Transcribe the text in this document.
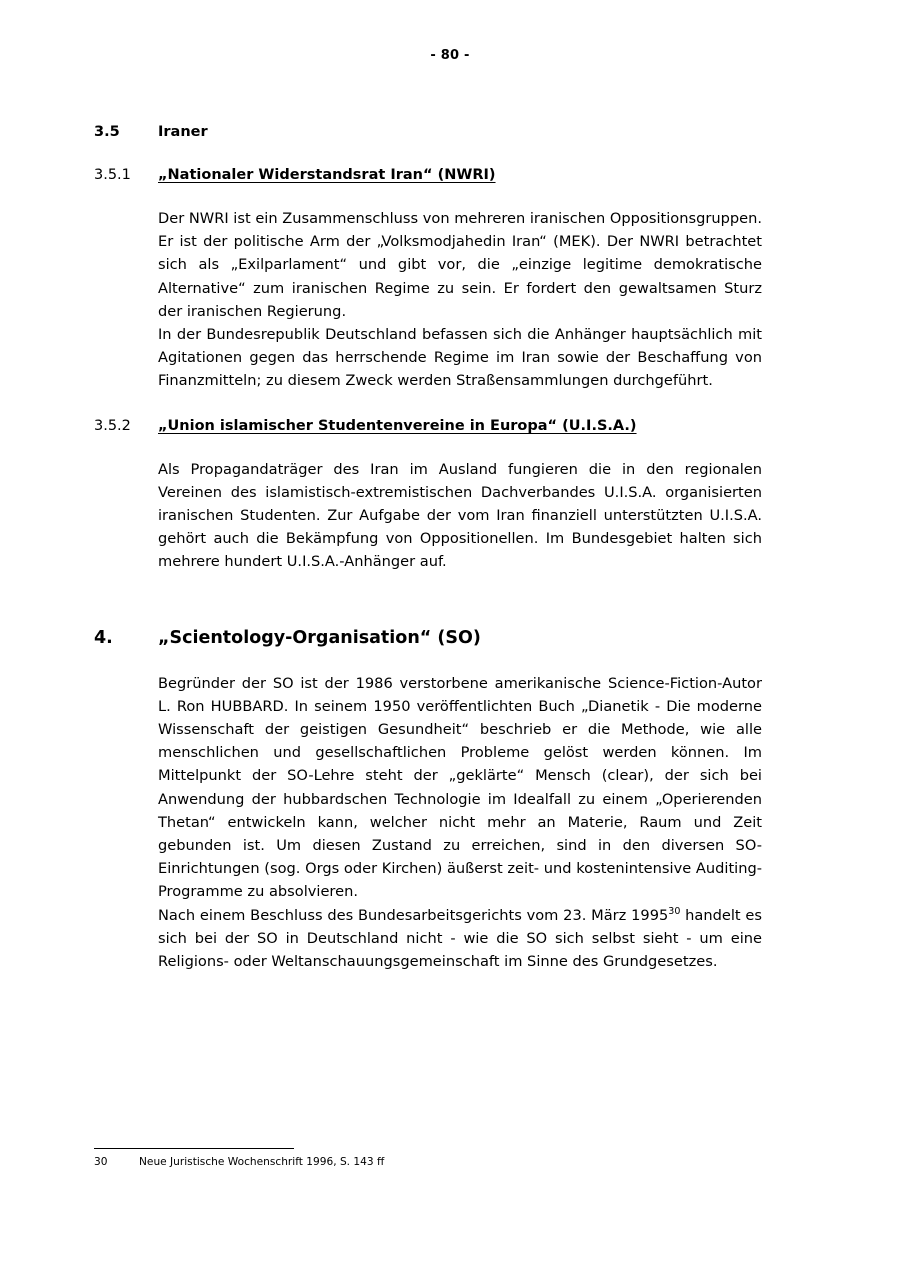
- 80 -
3.5	Iraner
3.5.1	„Nationaler Widerstandsrat Iran“ (NWRI)

Der NWRI ist ein Zusammenschluss von mehreren iranischen Oppositionsgruppen. Er ist der politische Arm der „Volksmodjahedin Iran“ (MEK). Der NWRI betrachtet sich als „Exilparlament“ und gibt vor, die „einzige legitime demokratische Alternative“ zum iranischen Regime zu sein. Er fordert den gewaltsamen Sturz der iranischen Regierung.

In der Bundesrepublik Deutschland befassen sich die Anhänger hauptsächlich mit Agitationen gegen das herrschende Regime im Iran sowie der Beschaffung von Finanzmitteln; zu diesem Zweck werden Straßensammlungen durchgeführt.

3.5.2	„Union islamischer Studentenvereine in Europa“ (U.I.S.A.)

Als Propagandaträger des Iran im Ausland fungieren die in den regionalen Vereinen des islamistisch-extremistischen Dachverbandes U.I.S.A. organisierten iranischen Studenten. Zur Aufgabe der vom Iran finanziell unterstützten U.I.S.A. gehört auch die Bekämpfung von Oppositionellen. Im Bundesgebiet halten sich mehrere hundert U.I.S.A.-Anhänger auf.

4.	„Scientology-Organisation“ (SO)

Begründer der SO ist der 1986 verstorbene amerikanische Science-Fiction-Autor L. Ron HUBBARD. In seinem 1950 veröffentlichten Buch „Dianetik - Die moderne Wissenschaft der geistigen Gesundheit“ beschrieb er die Methode, wie alle menschlichen und gesellschaftlichen Probleme gelöst werden können. Im Mittelpunkt der SO-Lehre steht der „geklärte“ Mensch (clear), der sich bei Anwendung der hubbardschen Technologie im Idealfall zu einem „Operierenden Thetan“ entwickeln kann, welcher nicht mehr an Materie, Raum und Zeit gebunden ist. Um diesen Zustand zu erreichen, sind in den diversen SO-Einrichtungen (sog. Orgs oder Kirchen) äußerst zeit- und kostenintensive Auditing-Programme zu absolvieren.

Nach einem Beschluss des Bundesarbeitsgerichts vom 23. März 1995$^{30}$ handelt es sich bei der SO in Deutschland nicht - wie die SO sich selbst sieht - um eine Religions- oder Weltanschauungsgemeinschaft im Sinne des Grundgesetzes.

30	Neue Juristische Wochenschrift 1996, S. 143 ff
